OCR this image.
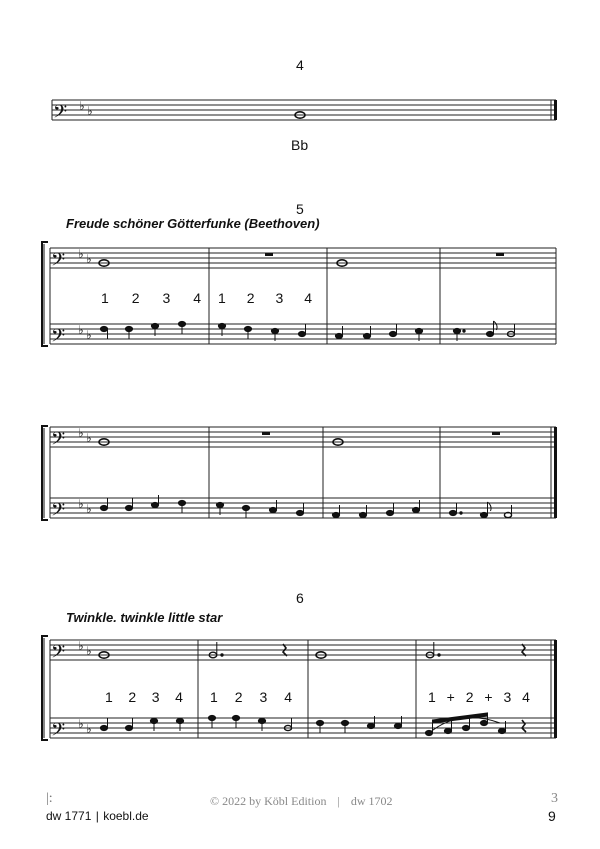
4
𝄢 ♭ ♭
Bb
5
Freude schöner Götterfunke (Beethoven)
𝄢
𝄢
♭ ♭
♭ ♭
1 2 3 4 1 2 3 4
𝄢
𝄢
♭ ♭
♭ ♭
6
Twinkle. twinkle little star
𝄢
𝄢
♭ ♭
♭ ♭
1 2 3 4 1 2 3 4	1 + 2 + 3 4
|:	© 2022 by Köbl Edition | dw 1702	3
9
dw 1771 | koebl.de
